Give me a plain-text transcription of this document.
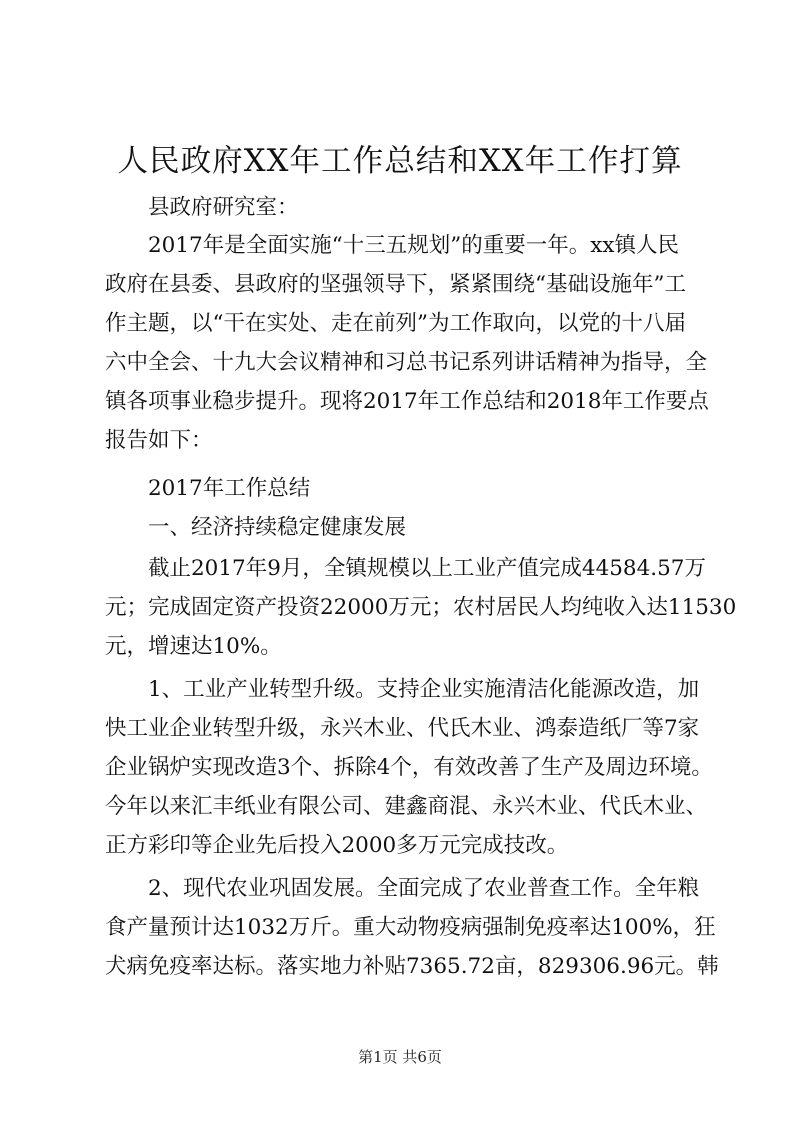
人民政府XX年工作总结和XX年工作打算
县政府研究室：
2017年是全面实施“十三五规划”的重要一年。xx镇人民
政府在县委、县政府的坚强领导下，紧紧围绕“基础设施年”工
作主题，以“干在实处、走在前列”为工作取向，以党的十八届
六中全会、十九大会议精神和习总书记系列讲话精神为指导，全
镇各项事业稳步提升。现将2017年工作总结和2018年工作要点
报告如下：
2017年工作总结
一、经济持续稳定健康发展
截止2017年9月，全镇规模以上工业产值完成44584.57万
元；完成固定资产投资22000万元；农村居民人均纯收入达11530
元，增速达10%。
1、工业产业转型升级。支持企业实施清洁化能源改造，加
快工业企业转型升级，永兴木业、代氏木业、鸿泰造纸厂等7家
企业锅炉实现改造3个、拆除4个，有效改善了生产及周边环境。
今年以来汇丰纸业有限公司、建鑫商混、永兴木业、代氏木业、
正方彩印等企业先后投入2000多万元完成技改。
2、现代农业巩固发展。全面完成了农业普查工作。全年粮
食产量预计达1032万斤。重大动物疫病强制免疫率达100%，狂
犬病免疫率达标。落实地力补贴7365.72亩，829306.96元。韩
第1页 共6页
